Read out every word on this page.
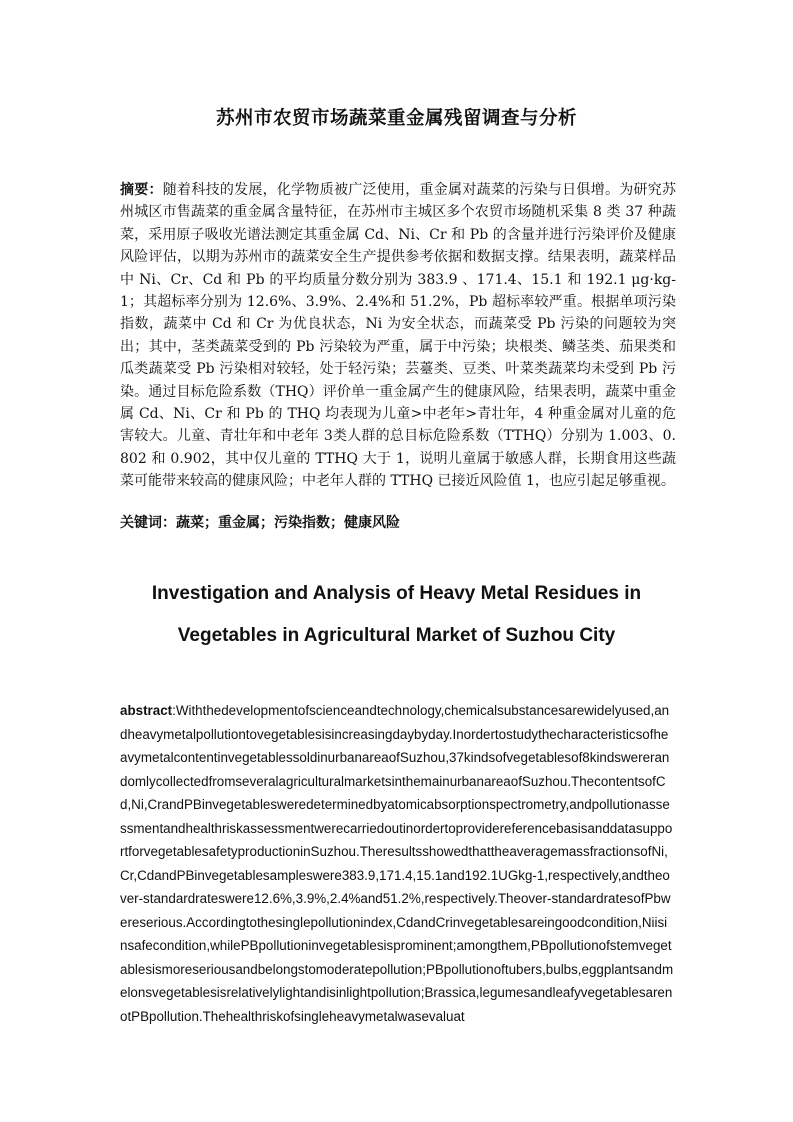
苏州市农贸市场蔬菜重金属残留调查与分析

摘要：随着科技的发展，化学物质被广泛使用，重金属对蔬菜的污染与日俱增。为研究苏州城区市售蔬菜的重金属含量特征，在苏州市主城区多个农贸市场随机采集 8 类 37 种蔬菜，采用原子吸收光谱法测定其重金属 Cd、Ni、Cr 和 Pb 的含量并进行污染评价及健康风险评估，以期为苏州市的蔬菜安全生产提供参考依据和数据支撑。结果表明，蔬菜样品中 Ni、Cr、Cd 和 Pb 的平均质量分数分别为 383.9 、171.4、15.1 和 192.1 μg·kg-1；其超标率分别为 12.6%、3.9%、2.4%和 51.2%，Pb 超标率较严重。根据单项污染指数，蔬菜中 Cd 和 Cr 为优良状态，Ni 为安全状态，而蔬菜受 Pb 污染的问题较为突出；其中，茎类蔬菜受到的 Pb 污染较为严重，属于中污染；块根类、鳞茎类、茄果类和瓜类蔬菜受 Pb 污染相对较轻，处于轻污染；芸薹类、豆类、叶菜类蔬菜均未受到 Pb 污染。通过目标危险系数（THQ）评价单一重金属产生的健康风险，结果表明，蔬菜中重金属 Cd、Ni、Cr 和 Pb 的 THQ 均表现为儿童>中老年>青壮年，4 种重金属对儿童的危害较大。儿童、青壮年和中老年 3类人群的总目标危险系数（TTHQ）分别为 1.003、0.802 和 0.902，其中仅儿童的 TTHQ 大于 1，说明儿童属于敏感人群，长期食用这些蔬菜可能带来较高的健康风险；中老年人群的 TTHQ 已接近风险值 1，也应引起足够重视。

关键词：蔬菜；重金属；污染指数；健康风险
Investigation and Analysis of Heavy Metal Residues in
Vegetables in Agricultural Market of Suzhou City

abstract:Withthedevelopmentofscienceandtechnology,chemicalsubstancesarewidelyused,andheavymetalpollutiontovegetablesisincreasingdaybyday.InordertostudythecharacteristicsofheavymetalcontentinvegetablessoldinurbanareaofSuzhou,37kindsofvegetablesof8kindswererandomlycollectedfromseveralagriculturalmarketsinthemainurbanareaofSuzhou.ThecontentsofCd,Ni,CrandPBinvegetablesweredeterminedbyatomicabsorptionspectrometry,andpollutionassessmentandhealthriskassessmentwerecarriedoutinordertoprovidereferencebasisanddatasupportforvegetablesafetyproductioninSuzhou.TheresultsshowedthattheaveragemassfractionsofNi,Cr,CdandPBinvegetablesampleswere383.9,171.4,15.1and192.1UGkg-1,respectively,andtheover-standardrateswere12.6%,3.9%,2.4%and51.2%,respectively.Theover-standardratesofPbwereserious.Accordingtothesinglepollutionindex,CdandCrinvegetablesareingoodcondition,Niisinsafecondition,whilePBpollutioninvegetablesisprominent;amongthem,PBpollutionofstemvegetablesismoreseriousandbelongstomoderatepollution;PBpollutionoftubers,bulbs,eggplantsandmelonsvegetablesisrelativelylightandisinlightpollution;Brassica,legumesandleafyvegetablesarenotPBpollution.Thehealthriskofsingleheavymetalwasevaluat
